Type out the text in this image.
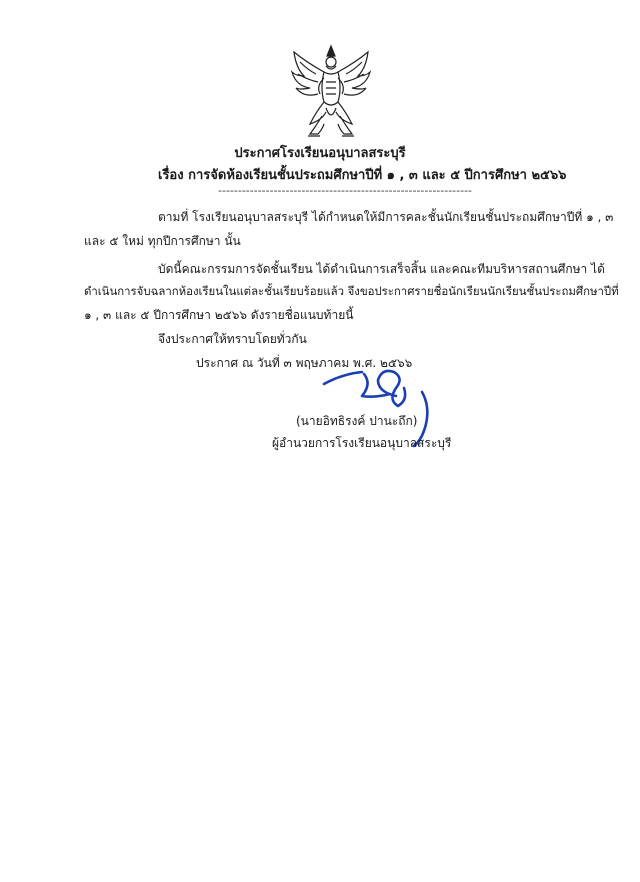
ประกาศโรงเรียนอนุบาลสระบุรี
เรื่อง การจัดห้องเรียนชั้นประถมศึกษาปีที่ ๑ , ๓ และ ๕ ปีการศึกษา ๒๕๖๖
----------------------------------------------------------------
ตามที่ โรงเรียนอนุบาลสระบุรี ได้กำหนดให้มีการคละชั้นนักเรียนชั้นประถมศึกษาปีที่ ๑ , ๓
และ ๕ ใหม่ ทุกปีการศึกษา นั้น
บัดนี้คณะกรรมการจัดชั้นเรียน ได้ดำเนินการเสร็จสิ้น และคณะทีมบริหารสถานศึกษา ได้
ดำเนินการจับฉลากห้องเรียนในแต่ละชั้นเรียบร้อยแล้ว จึงขอประกาศรายชื่อนักเรียนนักเรียนชั้นประถมศึกษาปีที่
๑ , ๓ และ ๕ ปีการศึกษา ๒๕๖๖ ดังรายชื่อแนบท้ายนี้
จึงประกาศให้ทราบโดยทั่วกัน
ประกาศ ณ วันที่ ๓ พฤษภาคม พ.ศ. ๒๕๖๖
(นายอิทธิรงค์ ปานะถึก)
ผู้อำนวยการโรงเรียนอนุบาลสระบุรี
